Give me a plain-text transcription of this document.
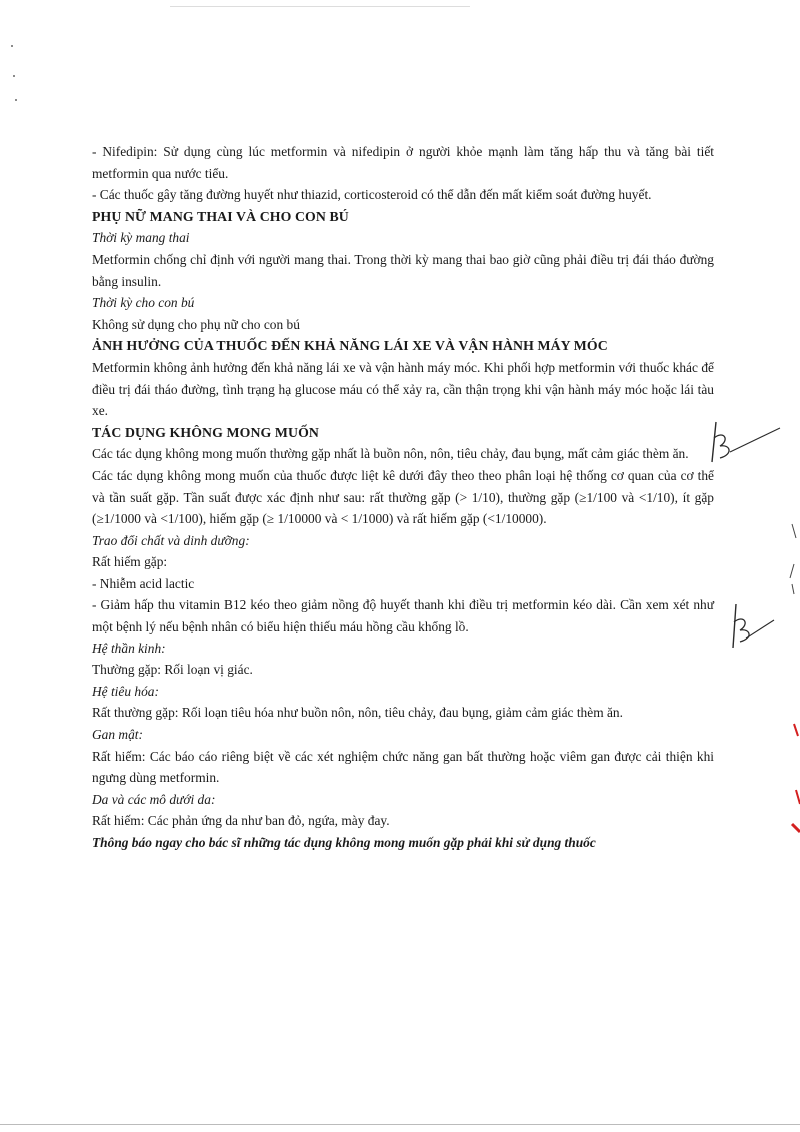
- Nifedipin: Sử dụng cùng lúc metformin và nifedipin ở người khỏe mạnh làm tăng hấp thu và tăng bài tiết metformin qua nước tiểu.

- Các thuốc gây tăng đường huyết như thiazid, corticosteroid có thể dẫn đến mất kiểm soát đường huyết.

PHỤ NỮ MANG THAI VÀ CHO CON BÚ

Thời kỳ mang thai

Metformin chống chỉ định với người mang thai. Trong thời kỳ mang thai bao giờ cũng phải điều trị đái tháo đường bằng insulin.

Thời kỳ cho con bú

Không sử dụng cho phụ nữ cho con bú

ẢNH HƯỞNG CỦA THUỐC ĐẾN KHẢ NĂNG LÁI XE VÀ VẬN HÀNH MÁY MÓC

Metformin không ảnh hưởng đến khả năng lái xe và vận hành máy móc. Khi phối hợp metformin với thuốc khác để điều trị đái tháo đường, tình trạng hạ glucose máu có thể xảy ra, cần thận trọng khi vận hành máy móc hoặc lái tàu xe.

TÁC DỤNG KHÔNG MONG MUỐN

Các tác dụng không mong muốn thường gặp nhất là buồn nôn, nôn, tiêu chảy, đau bụng, mất cảm giác thèm ăn.

Các tác dụng không mong muốn của thuốc được liệt kê dưới đây theo theo phân loại hệ thống cơ quan của cơ thể và tần suất gặp. Tần suất được xác định như sau: rất thường gặp (> 1/10), thường gặp (≥1/100 và <1/10), ít gặp (≥1/1000 và <1/100), hiếm gặp (≥ 1/10000 và < 1/1000) và rất hiếm gặp (<1/10000).

Trao đổi chất và dinh dưỡng:

Rất hiếm gặp:

- Nhiễm acid lactic

- Giảm hấp thu vitamin B12 kéo theo giảm nồng độ huyết thanh khi điều trị metformin kéo dài. Cần xem xét như một bệnh lý nếu bệnh nhân có biểu hiện thiếu máu hồng cầu khổng lồ.

Hệ thần kinh:

Thường gặp: Rối loạn vị giác.

Hệ tiêu hóa:

Rất thường gặp: Rối loạn tiêu hóa như buồn nôn, nôn, tiêu chảy, đau bụng, giảm cảm giác thèm ăn.

Gan mật:

Rất hiếm: Các báo cáo riêng biệt về các xét nghiệm chức năng gan bất thường hoặc viêm gan được cải thiện khi ngưng dùng metformin.

Da và các mô dưới da:

Rất hiếm: Các phản ứng da như ban đỏ, ngứa, mày đay.

Thông báo ngay cho bác sĩ những tác dụng không mong muốn gặp phải khi sử dụng thuốc
